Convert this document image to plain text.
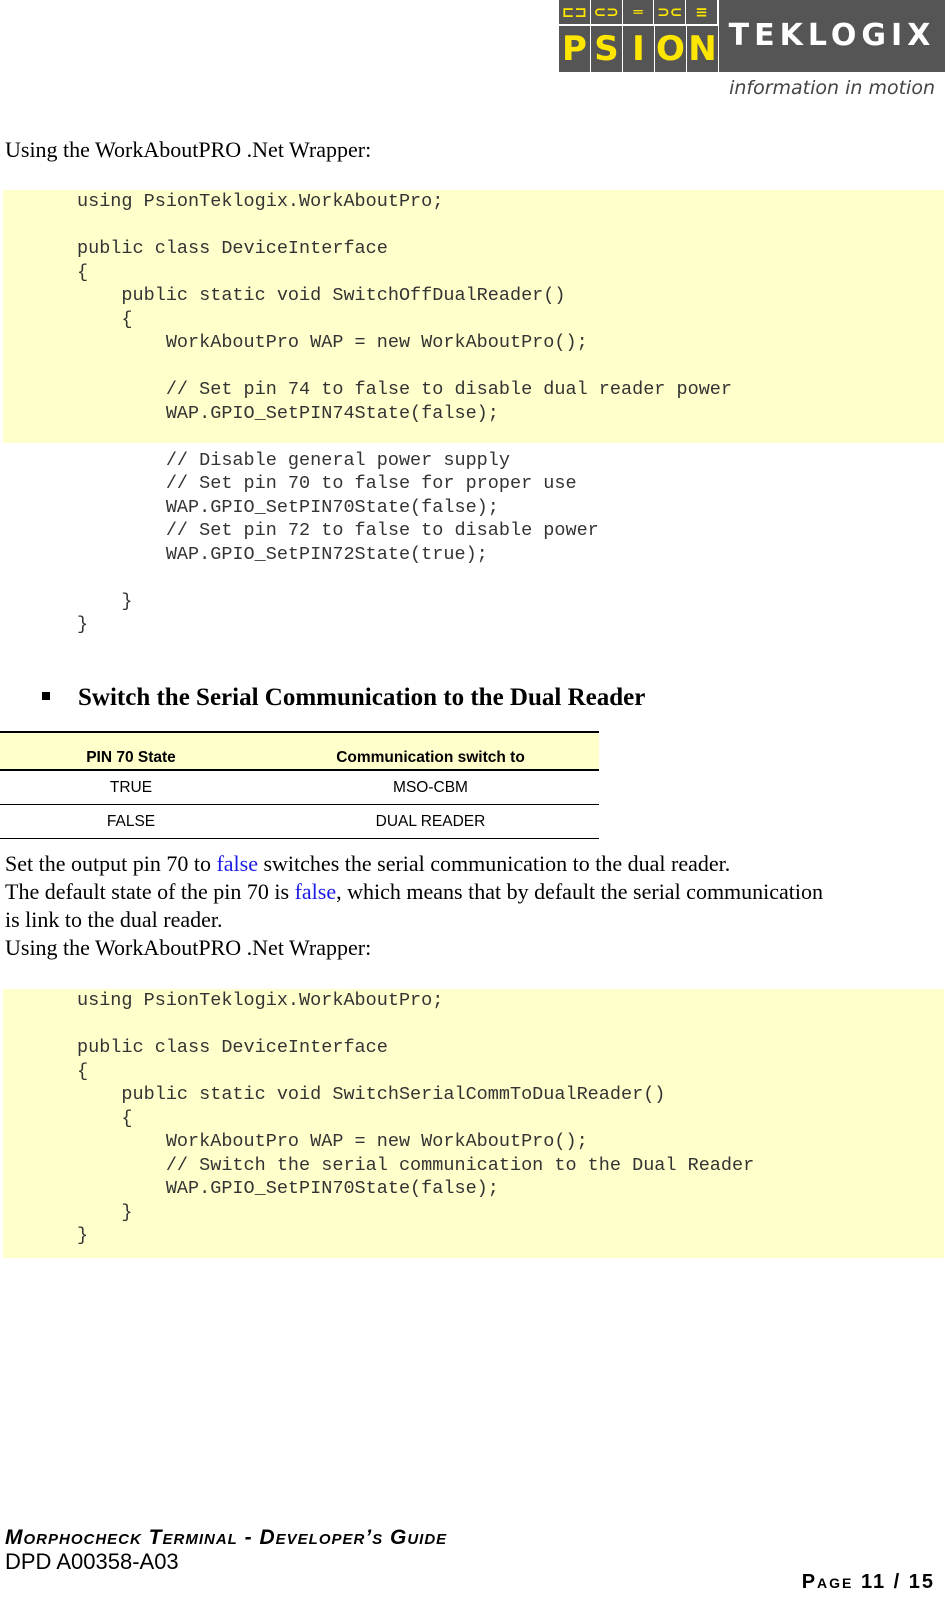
⊏⊐ ⊂⊃ ═ ⊃⊂ ≡
P S I O N TEKLOGIX
information in motion
Using the WorkAboutPRO .Net Wrapper:
using PsionTeklogix.WorkAboutPro;
public class DeviceInterface
{
public static void SwitchOffDualReader()
{
WorkAboutPro WAP = new WorkAboutPro();
// Set pin 74 to false to disable dual reader power
WAP.GPIO_SetPIN74State(false);
// Disable general power supply
// Set pin 70 to false for proper use
WAP.GPIO_SetPIN70State(false);
// Set pin 72 to false to disable power
WAP.GPIO_SetPIN72State(true);
}
}
Switch the Serial Communication to the Dual Reader
PIN 70 State	Communication switch to
TRUE	MSO-CBM
FALSE	DUAL READER
Set the output pin 70 to false switches the serial communication to the dual reader.
The default state of the pin 70 is false, which means that by default the serial communication
is link to the dual reader.
Using the WorkAboutPRO .Net Wrapper:
using PsionTeklogix.WorkAboutPro;
public class DeviceInterface
{
public static void SwitchSerialCommToDualReader()
{
WorkAboutPro WAP = new WorkAboutPro();
// Switch the serial communication to the Dual Reader
WAP.GPIO_SetPIN70State(false);
}
}
Morphocheck Terminal - Developer’s Guide
DPD A00358-A03
Page 11 / 15
